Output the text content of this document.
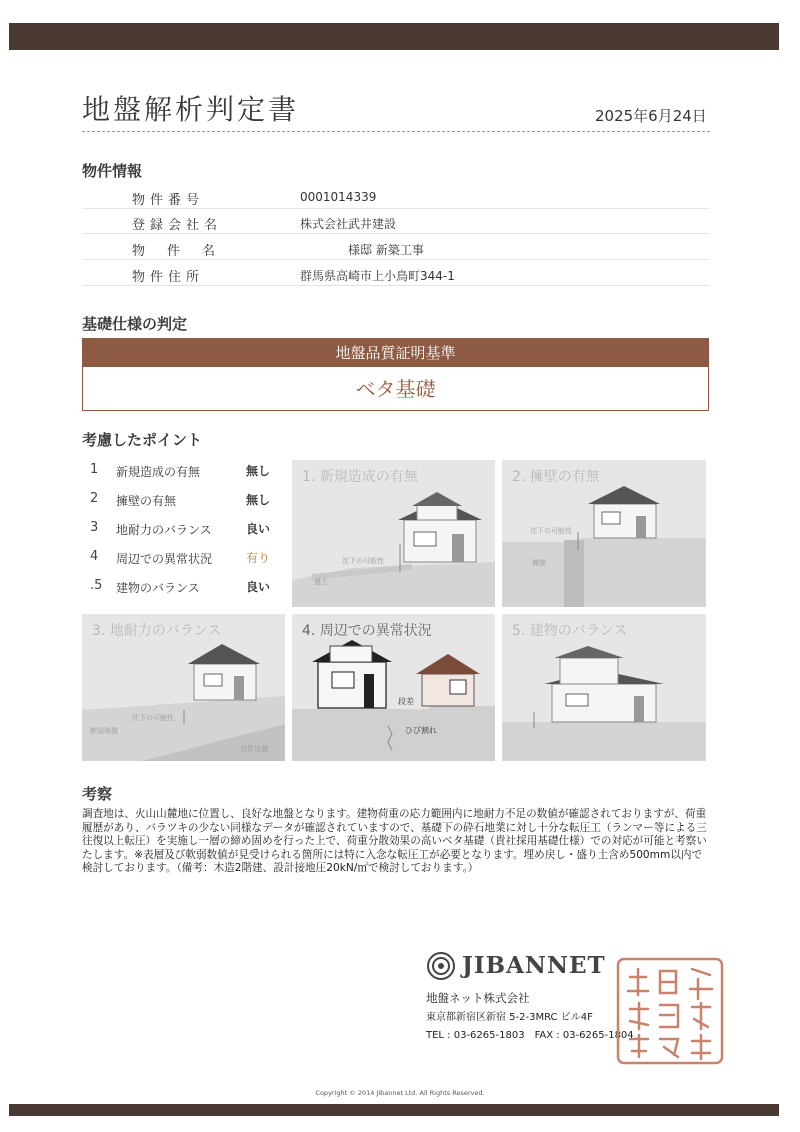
地盤解析判定書	2025年6月24日
物件情報
物件番号	0001014339
登録会社名	株式会社武井建設
物件名	　　　　様邸 新築工事
物件住所	群馬県高崎市上小鳥町344-1
基礎仕様の判定
地盤品質証明基準
ベタ基礎
考慮したポイント
1 新規造成の有無	無し
2 擁壁の有無	無し
3 地耐力のバランス	良い
4 周辺での異常状況	有り
.5 建物のバランス	良い
1. 新規造成の有無
沈下の可能性
盛土
2. 擁壁の有無
沈下の可能性
擁壁
3. 地耐力のバランス
沈下の可能性
軟弱地盤
良質地盤
4. 周辺での異常状況
段差
ひび割れ
5. 建物のバランス
考察
調査地は、火山山麓地に位置し、良好な地盤となります。建物荷重の応力範囲内に地耐力不足の数値が確認されておりますが、荷重履歴があり、バラツキの少ない同様なデータが確認されていますので、基礎下の砕石地業に対し十分な転圧工（ランマー等による三往復以上転圧）を実施し一層の締め固めを行った上で、荷重分散効果の高いベタ基礎（貴社採用基礎仕様）での対応が可能と考察いたします。※表層及び軟弱数値が見受けられる箇所には特に入念な転圧工が必要となります。埋め戻し・盛り土含め500mm以内で検討しております。（備考：木造2階建、設計接地圧20kN/㎡で検討しております。）
JIBANNET
地盤ネット株式会社
東京都新宿区新宿 5-2-3MRC ビル4F
TEL : 03-6265-1803　FAX : 03-6265-1804
Copyright © 2014 Jibannet Ltd. All Rights Reserved.
